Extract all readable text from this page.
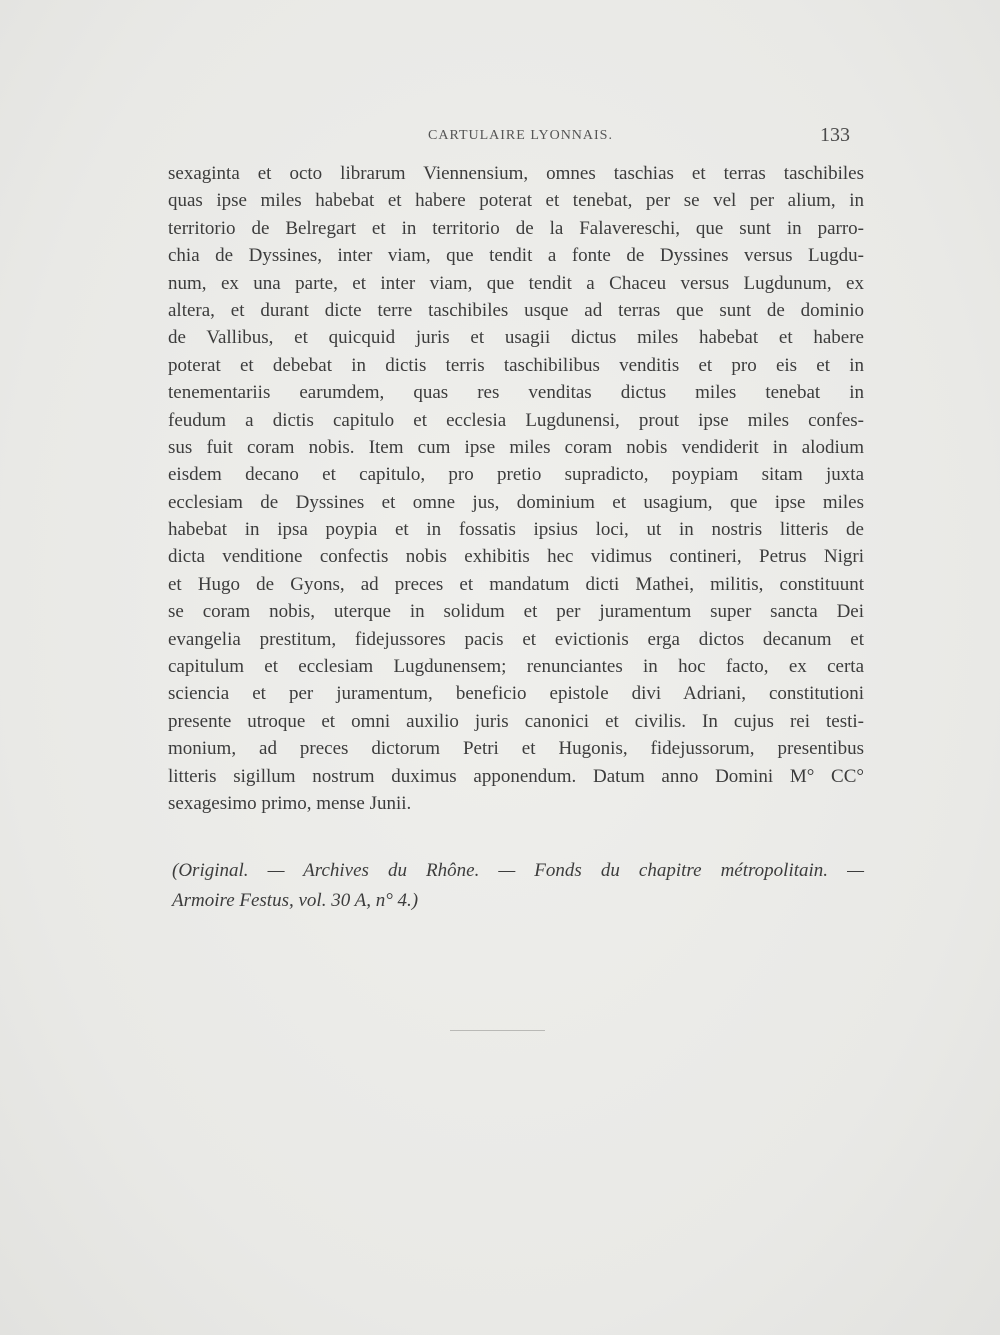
CARTULAIRE LYONNAIS.	133
sexaginta et octo librarum Viennensium, omnes taschias et terras taschibiles
quas ipse miles habebat et habere poterat et tenebat, per se vel per alium, in
territorio de Belregart et in territorio de la Falavereschi, que sunt in parro-
chia de Dyssines, inter viam, que tendit a fonte de Dyssines versus Lugdu-
num, ex una parte, et inter viam, que tendit a Chaceu versus Lugdunum, ex
altera, et durant dicte terre taschibiles usque ad terras que sunt de dominio
de Vallibus, et quicquid juris et usagii dictus miles habebat et habere
poterat et debebat in dictis terris taschibilibus venditis et pro eis et in
tenementariis earumdem, quas res venditas dictus miles tenebat in
feudum a dictis capitulo et ecclesia Lugdunensi, prout ipse miles confes-
sus fuit coram nobis. Item cum ipse miles coram nobis vendiderit in alodium
eisdem decano et capitulo, pro pretio supradicto, poypiam sitam juxta
ecclesiam de Dyssines et omne jus, dominium et usagium, que ipse miles
habebat in ipsa poypia et in fossatis ipsius loci, ut in nostris litteris de
dicta venditione confectis nobis exhibitis hec vidimus contineri, Petrus Nigri
et Hugo de Gyons, ad preces et mandatum dicti Mathei, militis, constituunt
se coram nobis, uterque in solidum et per juramentum super sancta Dei
evangelia prestitum, fidejussores pacis et evictionis erga dictos decanum et
capitulum et ecclesiam Lugdunensem; renunciantes in hoc facto, ex certa
sciencia et per juramentum, beneficio epistole divi Adriani, constitutioni
presente utroque et omni auxilio juris canonici et civilis. In cujus rei testi-
monium, ad preces dictorum Petri et Hugonis, fidejussorum, presentibus
litteris sigillum nostrum duximus apponendum. Datum anno Domini M° CC°
sexagesimo primo, mense Junii.
(Original. — Archives du Rhône. — Fonds du chapitre métropolitain. —
Armoire Festus, vol. 30 A, n° 4.)
